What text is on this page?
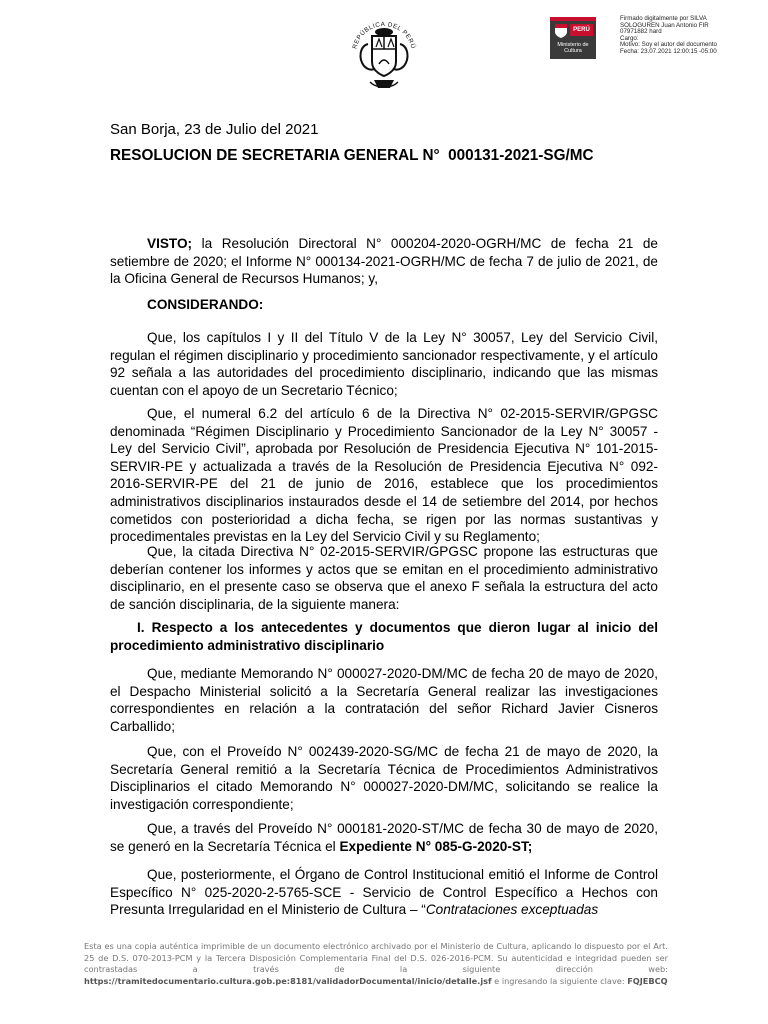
REPÚBLICA DEL PERÚ
PERÚ
Ministerio de Cultura
Firmado digitalmente por SILVA
SOLOGUREN Juan Antonio FIR
07971882 hard
Cargo:
Motivo: Soy el autor del documento
Fecha: 23.07.2021 12:00:15 -05:00
San Borja, 23 de Julio del 2021
RESOLUCION DE SECRETARIA GENERAL N°  000131-2021-SG/MC
VISTO; la Resolución Directoral N° 000204-2020-OGRH/MC de fecha 21 de setiembre de 2020; el Informe N° 000134-2021-OGRH/MC de fecha 7 de julio de 2021, de la Oficina General de Recursos Humanos; y,
CONSIDERANDO:
Que, los capítulos I y II del Título V de la Ley N° 30057, Ley del Servicio Civil, regulan el régimen disciplinario y procedimiento sancionador respectivamente, y el artículo 92 señala a las autoridades del procedimiento disciplinario, indicando que las mismas cuentan con el apoyo de un Secretario Técnico;
Que, el numeral 6.2 del artículo 6 de la Directiva N° 02-2015-SERVIR/GPGSC denominada “Régimen Disciplinario y Procedimiento Sancionador de la Ley N° 30057 - Ley del Servicio Civil”, aprobada por Resolución de Presidencia Ejecutiva N° 101-2015-SERVIR-PE y actualizada a través de la Resolución de Presidencia Ejecutiva N° 092-2016-SERVIR-PE del 21 de junio de 2016, establece que los procedimientos administrativos disciplinarios instaurados desde el 14 de setiembre del 2014, por hechos cometidos con posterioridad a dicha fecha, se rigen por las normas sustantivas y procedimentales previstas en la Ley del Servicio Civil y su Reglamento;
Que, la citada Directiva N° 02-2015-SERVIR/GPGSC propone las estructuras que deberían contener los informes y actos que se emitan en el procedimiento administrativo disciplinario, en el presente caso se observa que el anexo F señala la estructura del acto de sanción disciplinaria, de la siguiente manera:
I. Respecto a los antecedentes y documentos que dieron lugar al inicio del procedimiento administrativo disciplinario
Que, mediante Memorando N° 000027-2020-DM/MC de fecha 20 de mayo de 2020, el Despacho Ministerial solicitó a la Secretaría General realizar las investigaciones correspondientes en relación a la contratación del señor Richard Javier Cisneros Carballido;
Que, con el Proveído N° 002439-2020-SG/MC de fecha 21 de mayo de 2020, la Secretaría General remitió a la Secretaría Técnica de Procedimientos Administrativos Disciplinarios el citado Memorando N° 000027-2020-DM/MC, solicitando se realice la investigación correspondiente;
Que, a través del Proveído N° 000181-2020-ST/MC de fecha 30 de mayo de 2020, se generó en la Secretaría Técnica el Expediente N° 085-G-2020-ST;
Que, posteriormente, el Órgano de Control Institucional emitió el Informe de Control Específico N° 025-2020-2-5765-SCE - Servicio de Control Específico a Hechos con Presunta Irregularidad en el Ministerio de Cultura – “Contrataciones exceptuadas
Esta es una copia auténtica imprimible de un documento electrónico archivado por el Ministerio de Cultura, aplicando lo dispuesto por el Art. 25 de D.S. 070-2013-PCM y la Tercera Disposición Complementaria Final del D.S. 026-2016-PCM. Su autenticidad e integridad pueden ser contrastadas a través de la siguiente dirección web: https://tramitedocumentario.cultura.gob.pe:8181/validadorDocumental/inicio/detalle.jsf e ingresando la siguiente clave: FQJEBCQ
